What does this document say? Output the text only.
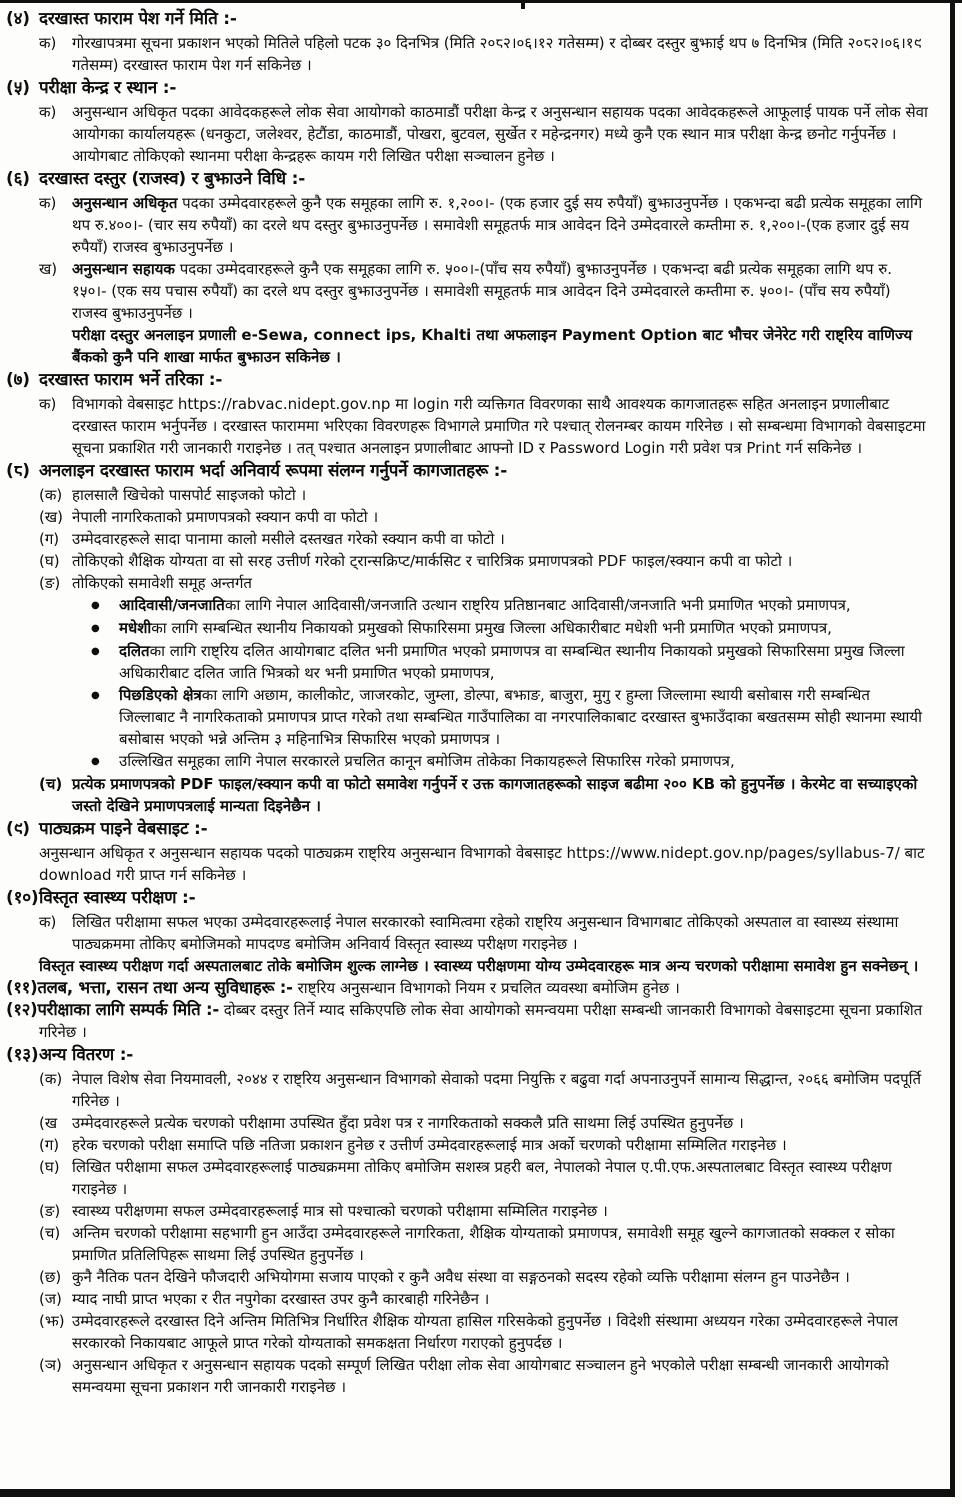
(४) दरखास्त फाराम पेश गर्ने मिति :-
क)	गोरखापत्रमा सूचना प्रकाशन भएको मितिले पहिलो पटक ३० दिनभित्र (मिति २०८२।०६।१२ गतेसम्म) र दोब्बर दस्तुर बुझाई थप ७ दिनभित्र (मिति २०८२।०६।१९ गतेसम्म) दरखास्त फाराम पेश गर्न सकिनेछ ।
(५) परीक्षा केन्द्र र स्थान :-
क)	अनुसन्धान अधिकृत पदका आवेदकहरूले लोक सेवा आयोगको काठमाडौं परीक्षा केन्द्र र अनुसन्धान सहायक पदका आवेदकहरूले आफूलाई पायक पर्ने लोक सेवा आयोगका कार्यालयहरू (धनकुटा, जलेश्वर, हेटौंडा, काठमाडौं, पोखरा, बुटवल, सुर्खेत र महेन्द्रनगर) मध्ये कुनै एक स्थान मात्र परीक्षा केन्द्र छनोट गर्नुपर्नेछ । आयोगबाट तोकिएको स्थानमा परीक्षा केन्द्रहरू कायम गरी लिखित परीक्षा सञ्चालन हुनेछ ।
(६) दरखास्त दस्तुर (राजस्व) र बुझाउने विधि :-
क)	अनुसन्धान अधिकृत पदका उम्मेदवारहरूले कुनै एक समूहका लागि रु. १,२००।- (एक हजार दुई सय रुपैयाँ) बुझाउनुपर्नेछ । एकभन्दा बढी प्रत्येक समूहका लागि थप रु.४००।- (चार सय रुपैयाँ) का दरले थप दस्तुर बुझाउनुपर्नेछ । समावेशी समूहतर्फ मात्र आवेदन दिने उम्मेदवारले कम्तीमा रु. १,२००।-(एक हजार दुई सय रुपैयाँ) राजस्व बुझाउनुपर्नेछ ।
ख) अनुसन्धान सहायक पदका उम्मेदवारहरूले कुनै एक समूहका लागि रु. ५००।-(पाँच सय रुपैयाँ) बुझाउनुपर्नेछ । एकभन्दा बढी प्रत्येक समूहका लागि थप रु. १५०।- (एक सय पचास रुपैयाँ) का दरले थप दस्तुर बुझाउनुपर्नेछ । समावेशी समूहतर्फ मात्र आवेदन दिने उम्मेदवारले कम्तीमा रु. ५००।- (पाँच सय रुपैयाँ) राजस्व बुझाउनुपर्नेछ ।
परीक्षा दस्तुर अनलाइन प्रणाली e-Sewa, connect ips, Khalti तथा अफलाइन Payment Option बाट भौचर जेनेरेट गरी राष्ट्रिय वाणिज्य बैंकको कुनै पनि शाखा मार्फत बुझाउन सकिनेछ ।
(७) दरखास्त फाराम भर्ने तरिका :-
क)	विभागको वेबसाइट https://rabvac.nidept.gov.np मा login गरी व्यक्तिगत विवरणका साथै आवश्यक कागजातहरू सहित अनलाइन प्रणालीबाट दरखास्त फाराम भर्नुपर्नेछ । दरखास्त फाराममा भरिएका विवरणहरू विभागले प्रमाणित गरे पश्चात् रोलनम्बर कायम गरिनेछ । सो सम्बन्धमा विभागको वेबसाइटमा सूचना प्रकाशित गरी जानकारी गराइनेछ । तत् पश्चात अनलाइन प्रणालीबाट आफ्नो ID र Password Login गरी प्रवेश पत्र Print गर्न सकिनेछ ।
(८) अनलाइन दरखास्त फाराम भर्दा अनिवार्य रूपमा संलग्न गर्नुपर्ने कागजातहरू :-
(क) हालसालै खिचेको पासपोर्ट साइजको फोटो ।
(ख) नेपाली नागरिकताको प्रमाणपत्रको स्क्यान कपी वा फोटो ।
(ग) उम्मेदवारहरूले सादा पानामा कालो मसीले दस्तखत गरेको स्क्यान कपी वा फोटो ।
(घ) तोकिएको शैक्षिक योग्यता वा सो सरह उत्तीर्ण गरेको ट्रान्सक्रिप्ट/मार्कसिट र चारित्रिक प्रमाणपत्रको PDF फाइल/स्क्यान कपी वा फोटो ।
(ङ) तोकिएको समावेशी समूह अन्तर्गत
●	आदिवासी/जनजातिका लागि नेपाल आदिवासी/जनजाति उत्थान राष्ट्रिय प्रतिष्ठानबाट आदिवासी/जनजाति भनी प्रमाणित भएको प्रमाणपत्र,
●	मधेशीका लागि सम्बन्धित स्थानीय निकायको प्रमुखको सिफारिसमा प्रमुख जिल्ला अधिकारीबाट मधेशी भनी प्रमाणित भएको प्रमाणपत्र,
●	दलितका लागि राष्ट्रिय दलित आयोगबाट दलित भनी प्रमाणित भएको प्रमाणपत्र वा सम्बन्धित स्थानीय निकायको प्रमुखको सिफारिसमा प्रमुख जिल्ला अधिकारीबाट दलित जाति भित्रको थर भनी प्रमाणित भएको प्रमाणपत्र,
●	पिछडिएको क्षेत्रका लागि अछाम, कालीकोट, जाजरकोट, जुम्ला, डोल्पा, बझाङ, बाजुरा, मुगु र हुम्ला जिल्लामा स्थायी बसोबास गरी सम्बन्धित जिल्लाबाट नै नागरिकताको प्रमाणपत्र प्राप्त गरेको तथा सम्बन्धित गाउँपालिका वा नगरपालिकाबाट दरखास्त बुझाउँदाका बखतसम्म सोही स्थानमा स्थायी बसोबास भएको भन्ने अन्तिम ३ महिनाभित्र सिफारिस भएको प्रमाणपत्र ।
●	उल्लिखित समूहका लागि नेपाल सरकारले प्रचलित कानून बमोजिम तोकेका निकायहरूले सिफारिस गरेको प्रमाणपत्र,
(च) प्रत्येक प्रमाणपत्रको PDF फाइल/स्क्यान कपी वा फोटो समावेश गर्नुपर्ने र उक्त कागजातहरूको साइज बढीमा २०० KB को हुनुपर्नेछ । केरमेट वा सच्याइएको जस्तो देखिने प्रमाणपत्रलाई मान्यता दिइनेछैन ।
(९) पाठ्यक्रम पाइने वेबसाइट :-
अनुसन्धान अधिकृत र अनुसन्धान सहायक पदको पाठ्यक्रम राष्ट्रिय अनुसन्धान विभागको वेबसाइट https://www.nidept.gov.np/pages/syllabus-7/ बाट download गरी प्राप्त गर्न सकिनेछ ।
(१०)विस्तृत स्वास्थ्य परीक्षण :-
क)	लिखित परीक्षामा सफल भएका उम्मेदवारहरूलाई नेपाल सरकारको स्वामित्वमा रहेको राष्ट्रिय अनुसन्धान विभागबाट तोकिएको अस्पताल वा स्वास्थ्य संस्थामा पाठ्यक्रममा तोकिए बमोजिमको मापदण्ड बमोजिम अनिवार्य विस्तृत स्वास्थ्य परीक्षण गराइनेछ ।
विस्तृत स्वास्थ्य परीक्षण गर्दा अस्पतालबाट तोके बमोजिम शुल्क लाग्नेछ । स्वास्थ्य परीक्षणमा योग्य उम्मेदवारहरू मात्र अन्य चरणको परीक्षामा समावेश हुन सक्नेछन् ।
(११)तलब, भत्ता, रासन तथा अन्य सुविधाहरू :- राष्ट्रिय अनुसन्धान विभागको नियम र प्रचलित व्यवस्था बमोजिम हुनेछ ।
(१२)परीक्षाका लागि सम्पर्क मिति :- दोब्बर दस्तुर तिर्ने म्याद सकिएपछि लोक सेवा आयोगको समन्वयमा परीक्षा सम्बन्धी जानकारी विभागको वेबसाइटमा सूचना प्रकाशित गरिनेछ ।
(१३)अन्य वितरण :-
(क) नेपाल विशेष सेवा नियमावली, २०४४ र राष्ट्रिय अनुसन्धान विभागको सेवाको पदमा नियुक्ति र बढुवा गर्दा अपनाउनुपर्ने सामान्य सिद्धान्त, २०६६ बमोजिम पदपूर्ति गरिनेछ ।
(ख उम्मेदवारहरूले प्रत्येक चरणको परीक्षामा उपस्थित हुँदा प्रवेश पत्र र नागरिकताको सक्कलै प्रति साथमा लिई उपस्थित हुनुपर्नेछ ।
(ग) हरेक चरणको परीक्षा समाप्ति पछि नतिजा प्रकाशन हुनेछ र उत्तीर्ण उम्मेदवारहरूलाई मात्र अर्को चरणको परीक्षामा सम्मिलित गराइनेछ ।
(घ) लिखित परीक्षामा सफल उम्मेदवारहरूलाई पाठ्यक्रममा तोकिए बमोजिम सशस्त्र प्रहरी बल, नेपालको नेपाल ए.पी.एफ.अस्पतालबाट विस्तृत स्वास्थ्य परीक्षण गराइनेछ ।
(ङ) स्वास्थ्य परीक्षणमा सफल उम्मेदवारहरूलाई मात्र सो पश्चात्को चरणको परीक्षामा सम्मिलित गराइनेछ ।
(च) अन्तिम चरणको परीक्षामा सहभागी हुन आउँदा उम्मेदवारहरूले नागरिकता, शैक्षिक योग्यताको प्रमाणपत्र, समावेशी समूह खुल्ने कागजातको सक्कल र सोका प्रमाणित प्रतिलिपिहरू साथमा लिई उपस्थित हुनुपर्नेछ ।
(छ) कुनै नैतिक पतन देखिने फौजदारी अभियोगमा सजाय पाएको र कुनै अवैध संस्था वा सङ्गठनको सदस्य रहेको व्यक्ति परीक्षामा संलग्न हुन पाउनेछैन ।
(ज) म्याद नाघी प्राप्त भएका र रीत नपुगेका दरखास्त उपर कुनै कारबाही गरिनेछैन ।
(झ) उम्मेदवारहरूले दरखास्त दिने अन्तिम मितिभित्र निर्धारित शैक्षिक योग्यता हासिल गरिसकेको हुनुपर्नेछ । विदेशी संस्थामा अध्ययन गरेका उम्मेदवारहरूले नेपाल सरकारको निकायबाट आफूले प्राप्त गरेको योग्यताको समकक्षता निर्धारण गराएको हुनुपर्दछ ।
(ञ) अनुसन्धान अधिकृत र अनुसन्धान सहायक पदको सम्पूर्ण लिखित परीक्षा लोक सेवा आयोगबाट सञ्चालन हुने भएकोले परीक्षा सम्बन्धी जानकारी आयोगको समन्वयमा सूचना प्रकाशन गरी जानकारी गराइनेछ ।
